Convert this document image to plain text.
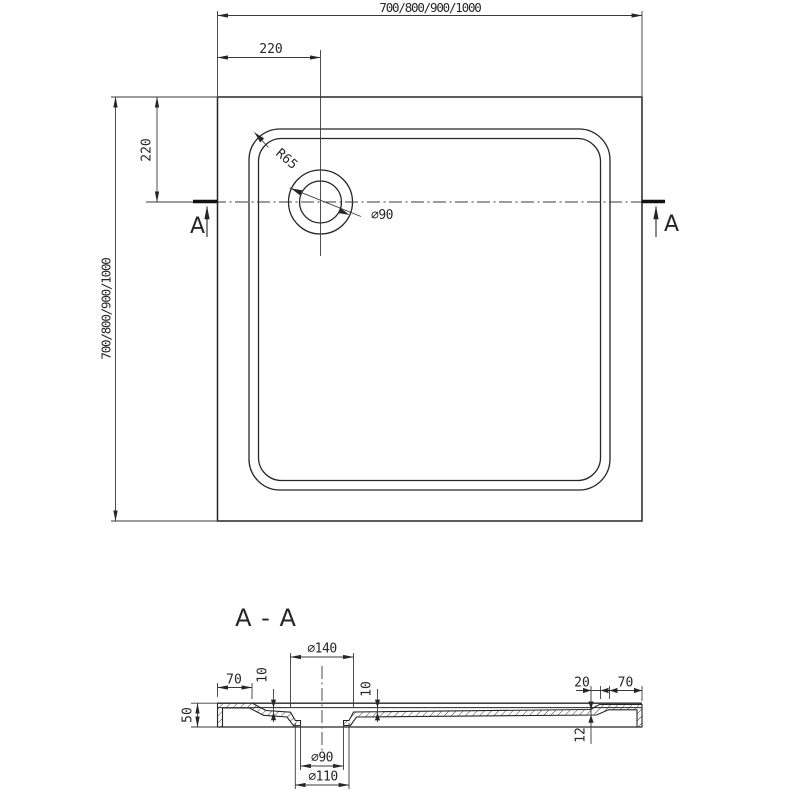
⌀90
R65
700/800/900/1000
220
700/800/900/1000
220
A	A
A - A
50
70 10
⌀140
10	20 70
12
⌀90
⌀110
